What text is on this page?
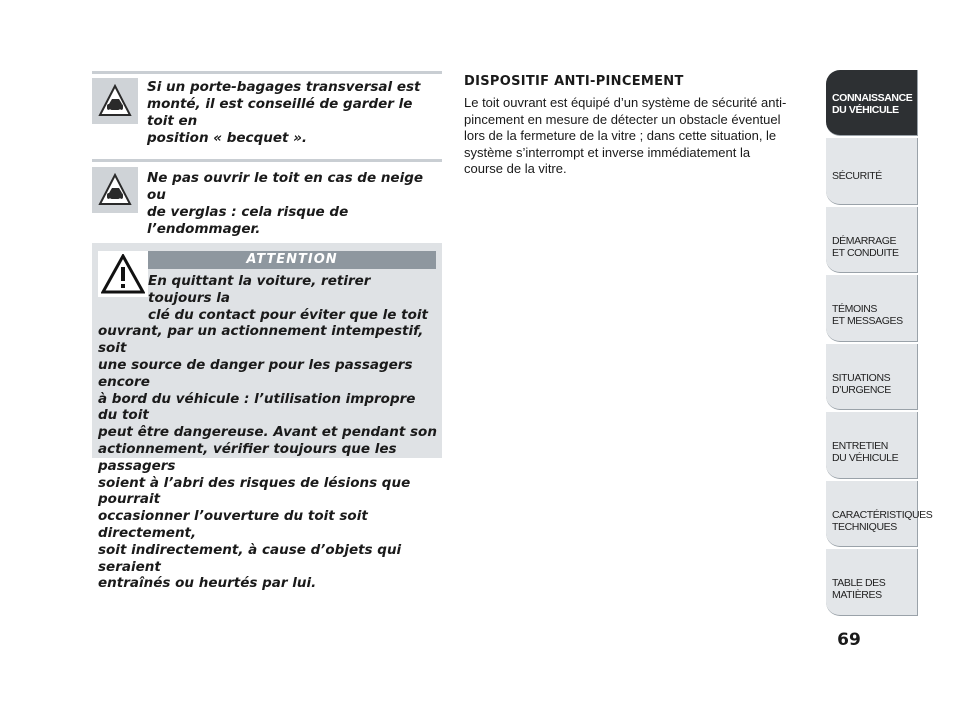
Si un porte-bagages transversal est
monté, il est conseillé de garder le toit en
position « becquet ».
Ne pas ouvrir le toit en cas de neige ou
de verglas : cela risque de l’endommager.
ATTENTION
En quittant la voiture, retirer toujours la
clé du contact pour éviter que le toit
ouvrant, par un actionnement intempestif, soit
une source de danger pour les passagers encore
à bord du véhicule : l’utilisation impropre du toit
peut être dangereuse. Avant et pendant son
actionnement, vérifier toujours que les passagers
soient à l’abri des risques de lésions que pourrait
occasionner l’ouverture du toit soit directement,
soit indirectement, à cause d’objets qui seraient
entraînés ou heurtés par lui.
DISPOSITIF ANTI-PINCEMENT
Le toit ouvrant est équipé d’un système de sécurité anti-
pincement en mesure de détecter un obstacle éventuel
lors de la fermeture de la vitre ; dans cette situation, le
système s’interrompt et inverse immédiatement la
course de la vitre.
CONNAISSANCE
DU VÉHICULE
SÉCURITÉ
DÉMARRAGE
ET CONDUITE
TÉMOINS
ET MESSAGES
SITUATIONS
D’URGENCE
ENTRETIEN
DU VÉHICULE
CARACTÉRISTIQUES
TECHNIQUES
TABLE DES
MATIÈRES
69
